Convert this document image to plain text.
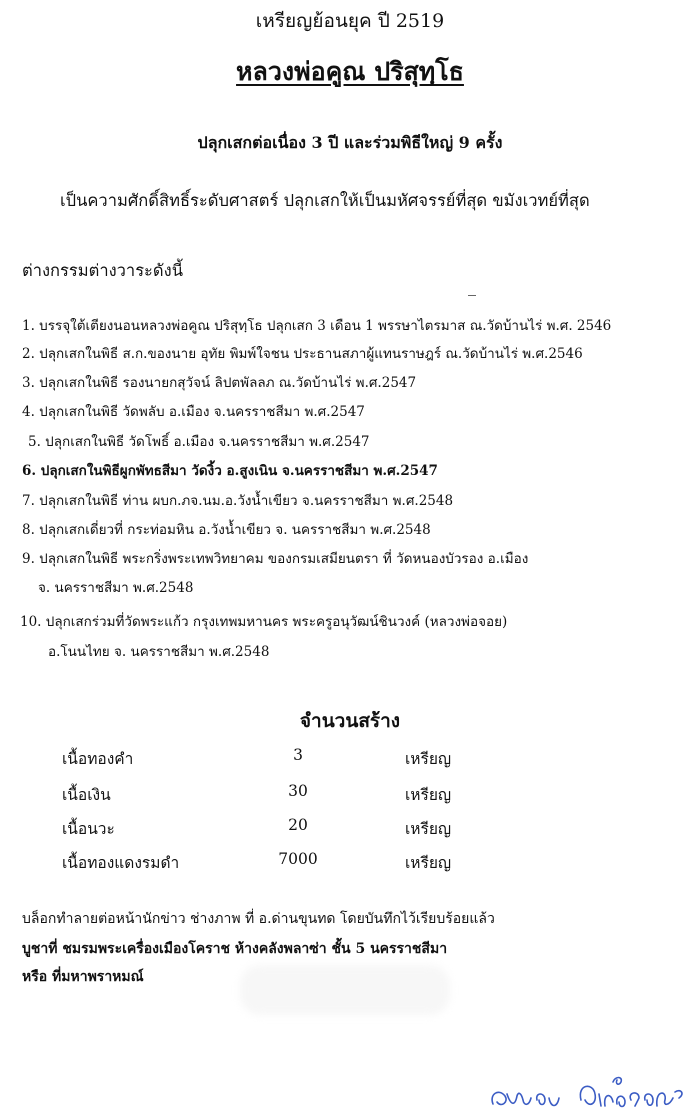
เหรียญย้อนยุค ปี 2519
หลวงพ่อคูณ ปริสุทฺโธ
ปลุกเสกต่อเนื่อง 3 ปี และร่วมพิธีใหญ่ 9 ครั้ง
เป็นความศักดิ์สิทธิ์ระดับศาสตร์ ปลุกเสกให้เป็นมหัศจรรย์ที่สุด ขมังเวทย์ที่สุด
ต่างกรรมต่างวาระดังนี้
1. บรรจุใต้เตียงนอนหลวงพ่อคูณ ปริสุทฺโธ ปลุกเสก 3 เดือน 1 พรรษาไตรมาส ณ.วัดบ้านไร่ พ.ศ. 2546
2. ปลุกเสกในพิธี ส.ก.ของนาย อุทัย พิมพ์ใจชน ประธานสภาผู้แทนราษฎร์ ณ.วัดบ้านไร่ พ.ศ.2546
3. ปลุกเสกในพิธี รองนายกสุวัจน์ ลิปตพัลลภ ณ.วัดบ้านไร่ พ.ศ.2547
4. ปลุกเสกในพิธี วัดพลับ อ.เมือง จ.นครราชสีมา พ.ศ.2547
5. ปลุกเสกในพิธี วัดโพธิ์ อ.เมือง จ.นครราชสีมา พ.ศ.2547
6. ปลุกเสกในพิธีผูกพัทธสีมา วัดงิ้ว อ.สูงเนิน จ.นครราชสีมา พ.ศ.2547
7. ปลุกเสกในพิธี ท่าน ผบก.ภจ.นม.อ.วังน้ำเขียว จ.นครราชสีมา พ.ศ.2548
8. ปลุกเสกเดี่ยวที่ กระท่อมหิน อ.วังน้ำเขียว จ. นครราชสีมา พ.ศ.2548
9. ปลุกเสกในพิธี พระกริ่งพระเทพวิทยาคม ของกรมเสมียนตรา ที่ วัดหนองบัวรอง อ.เมือง
จ. นครราชสีมา พ.ศ.2548
10. ปลุกเสกร่วมที่วัดพระแก้ว กรุงเทพมหานคร พระครูอนุวัฒน์ชินวงค์ (หลวงพ่อจอย)
อ.โนนไทย จ. นครราชสีมา พ.ศ.2548
จำนวนสร้าง
เนื้อทองคำ	3	เหรียญ
เนื้อเงิน	30	เหรียญ
เนื้อนวะ	20	เหรียญ
เนื้อทองแดงรมดำ	7000	เหรียญ
บล็อกทำลายต่อหน้านักข่าว ช่างภาพ ที่ อ.ด่านขุนทด โดยบันทึกไว้เรียบร้อยแล้ว
บูชาที่ ชมรมพระเครื่องเมืองโคราช ห้างคลังพลาซ่า ชั้น 5 นครราชสีมา
หรือ ที่มหาพราหมณ์
